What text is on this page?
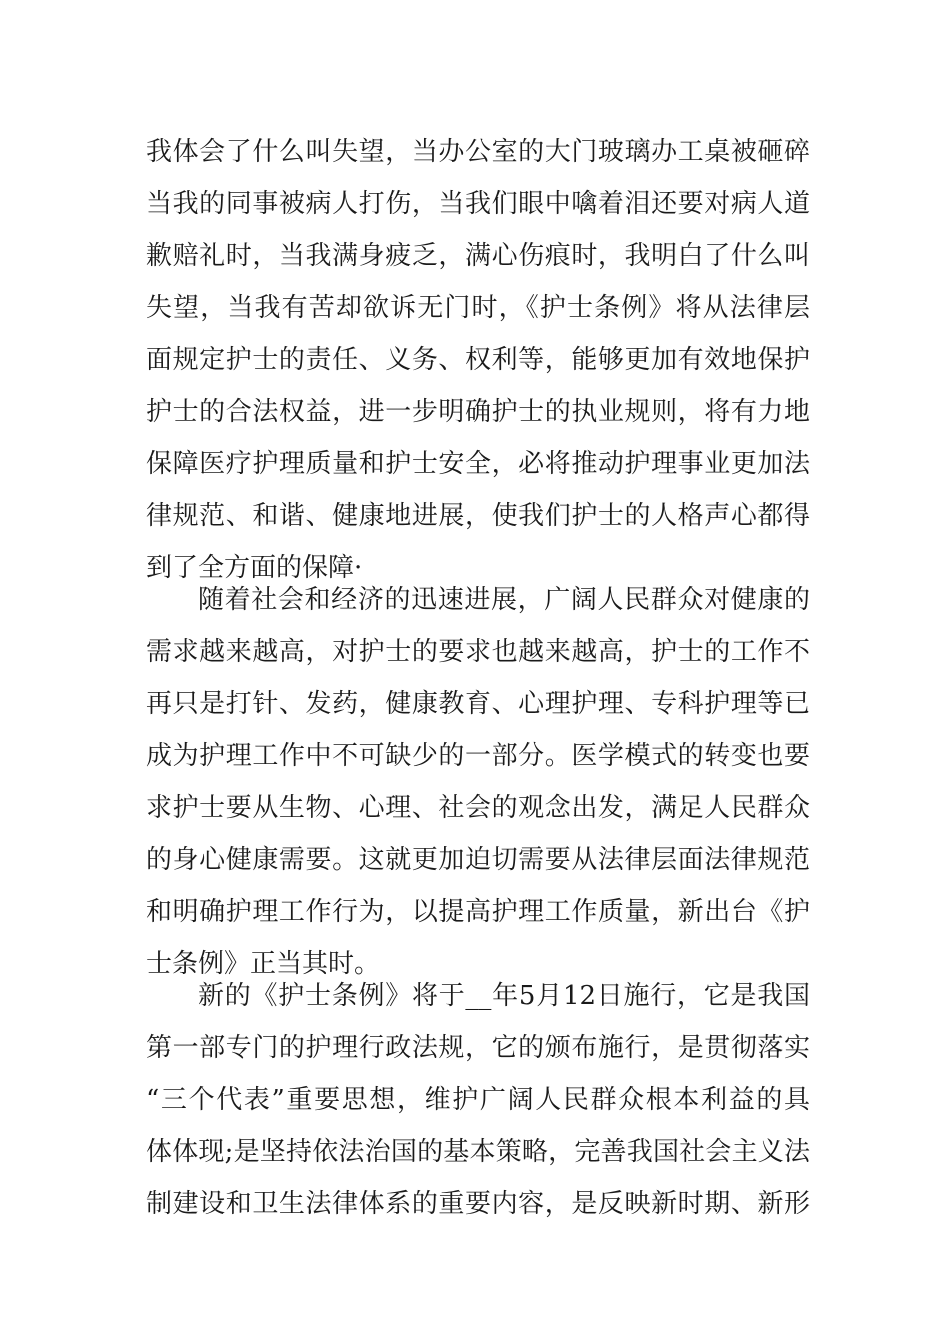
我体会了什么叫失望，当办公室的大门玻璃办工桌被砸碎
当我的同事被病人打伤，当我们眼中噙着泪还要对病人道
歉赔礼时，当我满身疲乏，满心伤痕时，我明白了什么叫
失望，当我有苦却欲诉无门时，《护士条例》将从法律层
面规定护士的责任、义务、权利等，能够更加有效地保护
护士的合法权益，进一步明确护士的执业规则，将有力地
保障医疗护理质量和护士安全，必将推动护理事业更加法
律规范、和谐、健康地进展，使我们护士的人格声心都得
到了全方面的保障·
随着社会和经济的迅速进展，广阔人民群众对健康的
需求越来越高，对护士的要求也越来越高，护士的工作不
再只是打针、发药，健康教育、心理护理、专科护理等已
成为护理工作中不可缺少的一部分。医学模式的转变也要
求护士要从生物、心理、社会的观念出发，满足人民群众
的身心健康需要。这就更加迫切需要从法律层面法律规范
和明确护理工作行为，以提高护理工作质量，新出台《护
士条例》正当其时。
新的《护士条例》将于__年5月12日施行，它是我国
第一部专门的护理行政法规，它的颁布施行，是贯彻落实
“三个代表”重要思想，维护广阔人民群众根本利益的具
体体现;是坚持依法治国的基本策略，完善我国社会主义法
制建设和卫生法律体系的重要内容，是反映新时期、新形
